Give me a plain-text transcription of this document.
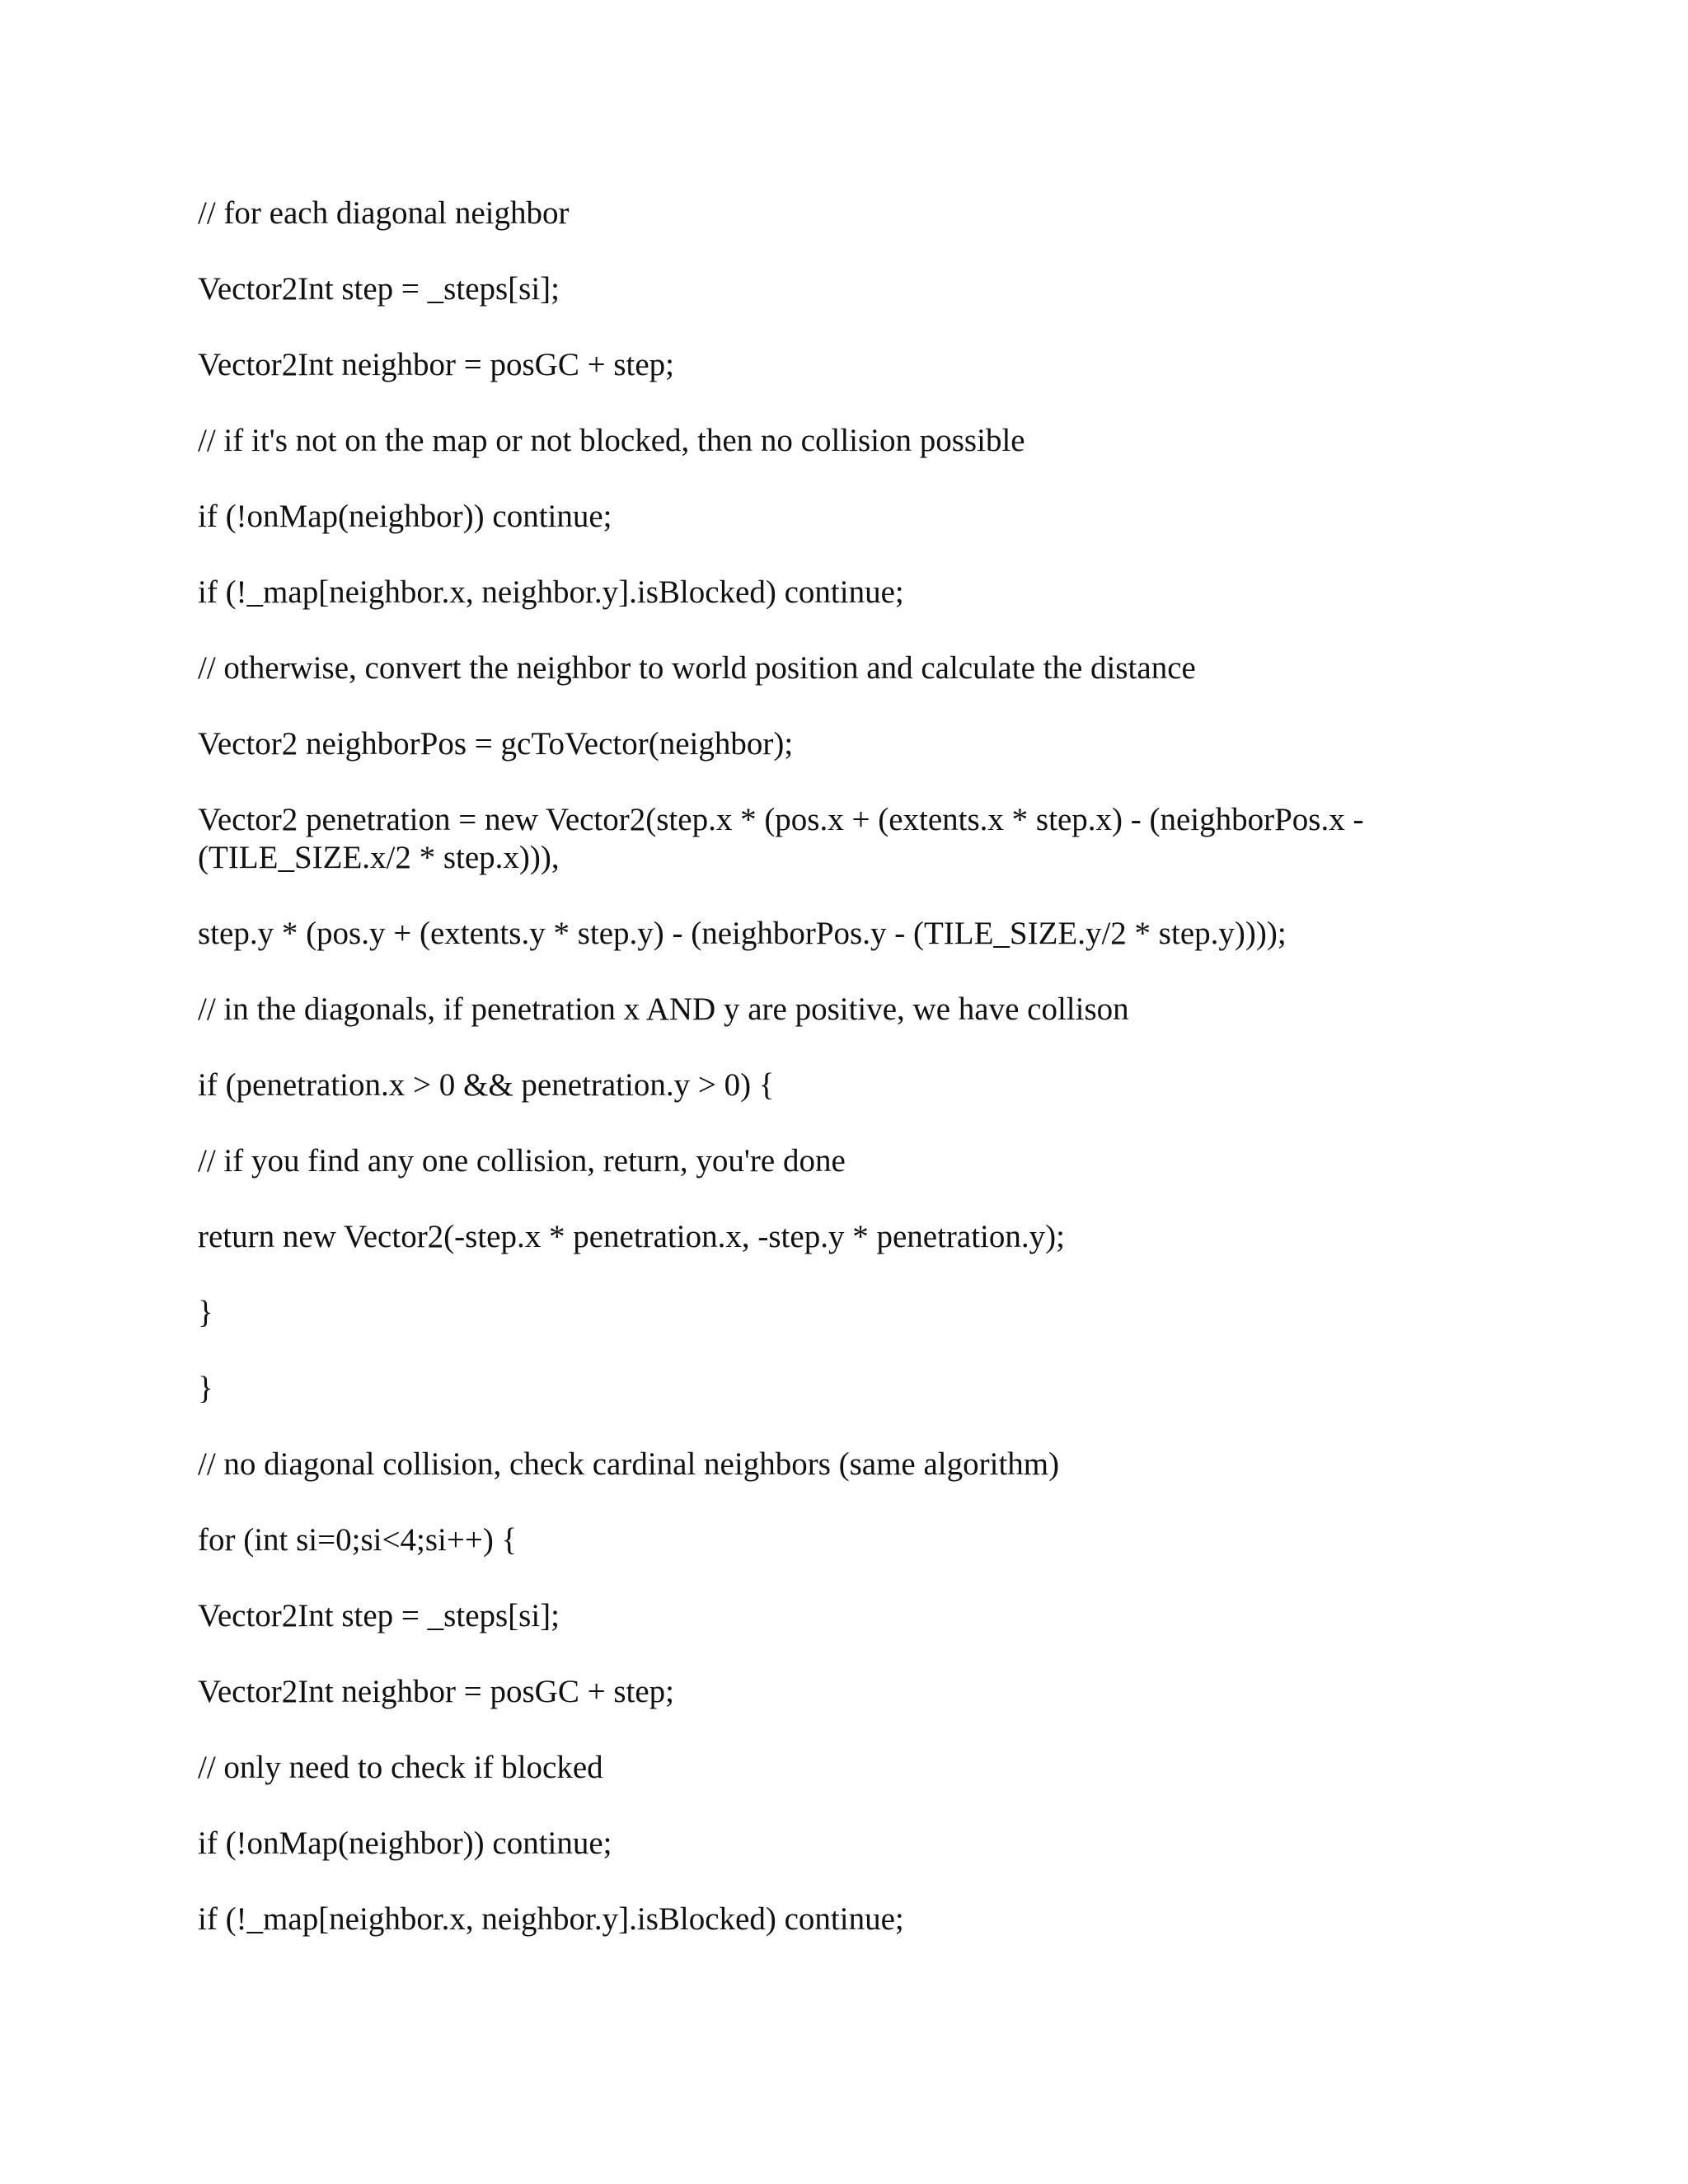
// for each diagonal neighbor

Vector2Int step = _steps[si];

Vector2Int neighbor = posGC + step;

// if it's not on the map or not blocked, then no collision possible

if (!onMap(neighbor)) continue;

if (!_map[neighbor.x, neighbor.y].isBlocked) continue;

// otherwise, convert the neighbor to world position and calculate the distance

Vector2 neighborPos = gcToVector(neighbor);

Vector2 penetration = new Vector2(step.x * (pos.x + (extents.x * step.x) - (neighborPos.x - (TILE_SIZE.x/2 * step.x))),

step.y * (pos.y + (extents.y * step.y) - (neighborPos.y - (TILE_SIZE.y/2 * step.y))));

// in the diagonals, if penetration x AND y are positive, we have collison

if (penetration.x > 0 && penetration.y > 0) {

// if you find any one collision, return, you're done

return new Vector2(-step.x * penetration.x, -step.y * penetration.y);

}

}

// no diagonal collision, check cardinal neighbors (same algorithm)

for (int si=0;si<4;si++) {

Vector2Int step = _steps[si];

Vector2Int neighbor = posGC + step;

// only need to check if blocked

if (!onMap(neighbor)) continue;

if (!_map[neighbor.x, neighbor.y].isBlocked) continue;
